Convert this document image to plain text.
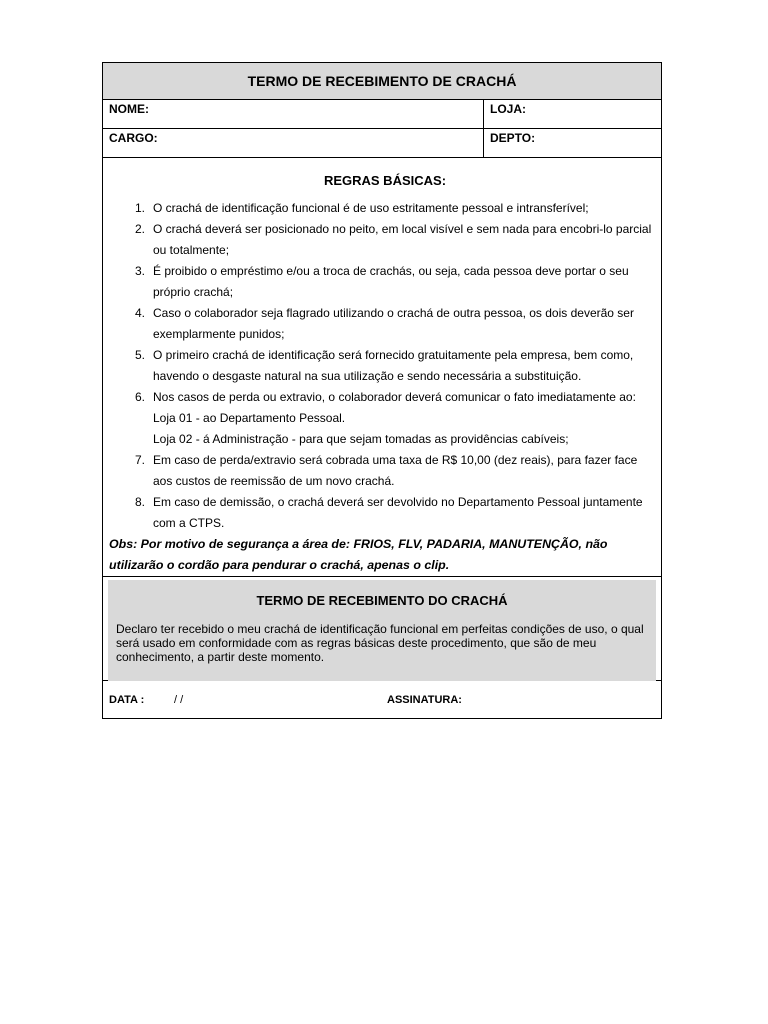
TERMO DE RECEBIMENTO DE CRACHÁ
NOME:	LOJA:
CARGO:	DEPTO:
REGRAS BÁSICAS:
1. O crachá de identificação funcional é de uso estritamente pessoal e intransferível;
2. O crachá deverá ser posicionado no peito, em local visível e sem nada para encobri-lo parcial ou totalmente;
3. É proibido o empréstimo e/ou a troca de crachás, ou seja, cada pessoa deve portar o seu próprio crachá;
4. Caso o colaborador seja flagrado utilizando o crachá de outra pessoa, os dois deverão ser exemplarmente punidos;
5. O primeiro crachá de identificação será fornecido gratuitamente pela empresa, bem como, havendo o desgaste natural na sua utilização e sendo necessária a substituição.
6. Nos casos de perda ou extravio, o colaborador deverá comunicar o fato imediatamente ao:
Loja 01 - ao Departamento Pessoal.
Loja 02 - á Administração - para que sejam tomadas as providências cabíveis;
7. Em caso de perda/extravio será cobrada uma taxa de R$ 10,00 (dez reais), para fazer face aos custos de reemissão de um novo crachá.
8. Em caso de demissão, o crachá deverá ser devolvido no Departamento Pessoal juntamente com a CTPS.

Obs: Por motivo de segurança a área de: FRIOS, FLV, PADARIA, MANUTENÇÃO, não utilizarão o cordão para pendurar o crachá, apenas o clip.

TERMO DE RECEBIMENTO DO CRACHÁ
Declaro ter recebido o meu crachá de identificação funcional em perfeitas condições de uso, o qual será usado em conformidade com as regras básicas deste procedimento, que são de meu conhecimento, a partir deste momento.
DATA :	/ /	ASSINATURA:
